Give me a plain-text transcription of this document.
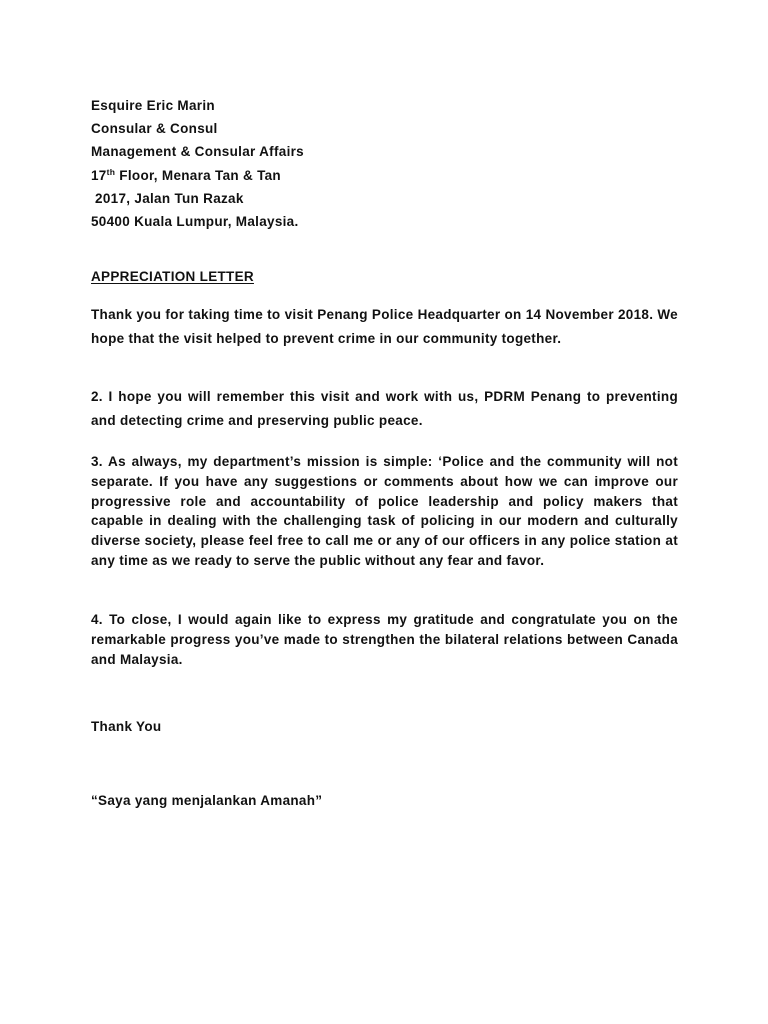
Esquire Eric Marin
Consular & Consul
Management & Consular Affairs
17th Floor, Menara Tan & Tan
2017, Jalan Tun Razak
50400 Kuala Lumpur, Malaysia.
APPRECIATION LETTER

Thank you for taking time to visit Penang Police Headquarter on 14 November 2018. We hope that the visit helped to prevent crime in our community together.

2. I hope you will remember this visit and work with us, PDRM Penang to preventing and detecting crime and preserving public peace.

3. As always, my department’s mission is simple: ‘Police and the community will not separate. If you have any suggestions or comments about how we can improve our progressive role and accountability of police leadership and policy makers that capable in dealing with the challenging task of policing in our modern and culturally diverse society, please feel free to call me or any of our officers in any police station at any time as we ready to serve the public without any fear and favor.

4. To close, I would again like to express my gratitude and congratulate you on the remarkable progress you’ve made to strengthen the bilateral relations between Canada and Malaysia.

Thank You
“Saya yang menjalankan Amanah”
